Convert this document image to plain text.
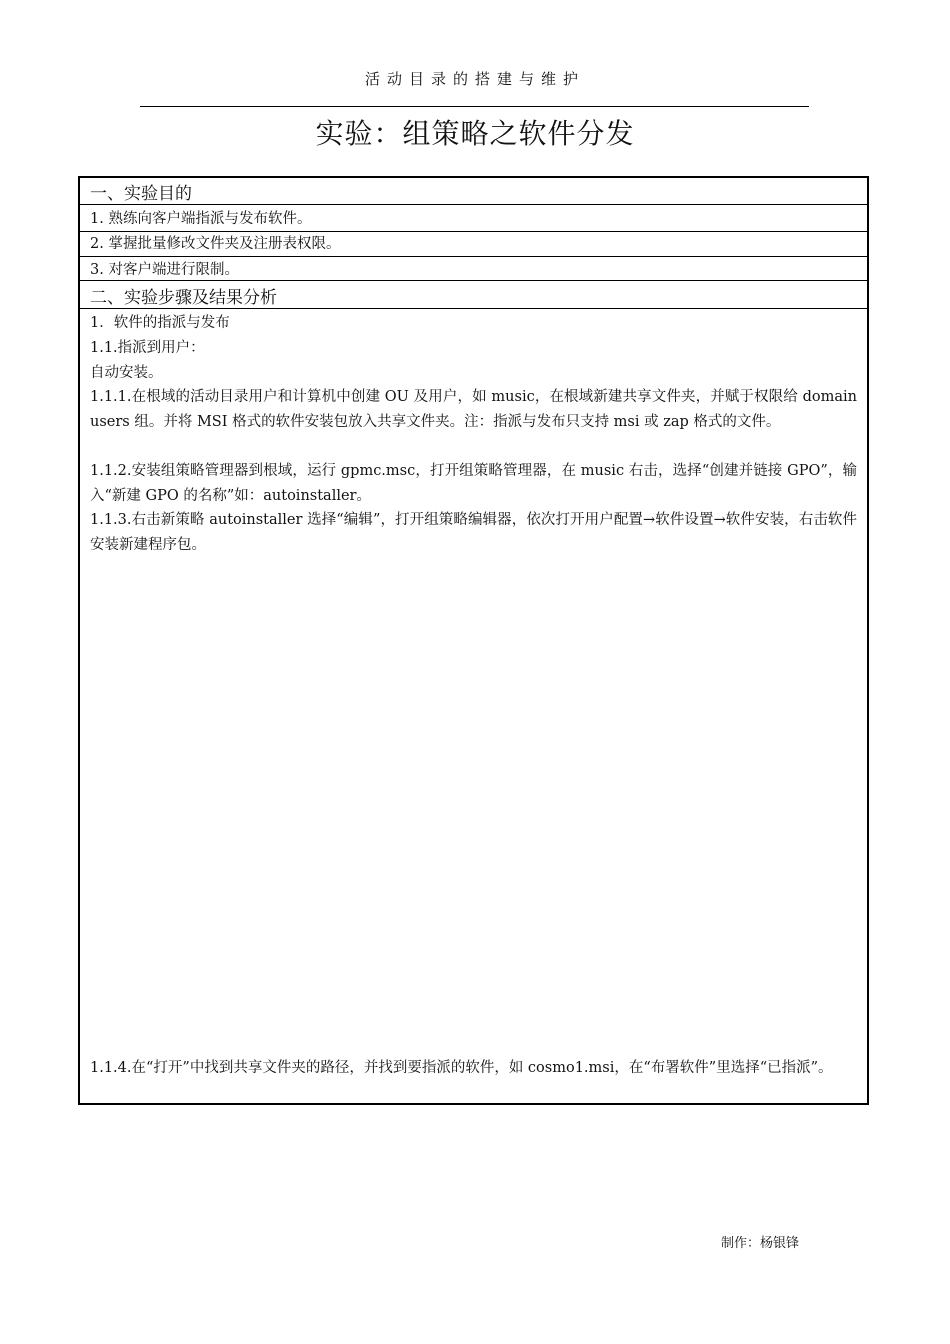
活动目录的搭建与维护
实验：组策略之软件分发
一、实验目的
1. 熟练向客户端指派与发布软件。
2. 掌握批量修改文件夹及注册表权限。
3. 对客户端进行限制。
二、实验步骤及结果分析
1．软件的指派与发布
1.1.指派到用户：
自动安装。
1.1.1.在根域的活动目录用户和计算机中创建 OU 及用户，如 music，在根域新建共享文件夹，并赋于权限给 domain users 组。并将 MSI 格式的软件安装包放入共享文件夹。注：指派与发布只支持 msi 或 zap 格式的文件。
1.1.2.安装组策略管理器到根域，运行 gpmc.msc，打开组策略管理器，在 music 右击，选择“创建并链接 GPO”，输入“新建 GPO 的名称”如：autoinstaller。
1.1.3.右击新策略 autoinstaller 选择“编辑”，打开组策略编辑器，依次打开用户配置→软件设置→软件安装，右击软件安装新建程序包。
1.1.4.在“打开”中找到共享文件夹的路径，并找到要指派的软件，如 cosmo1.msi，在“布署软件”里选择“已指派”。
制作：杨银锋
